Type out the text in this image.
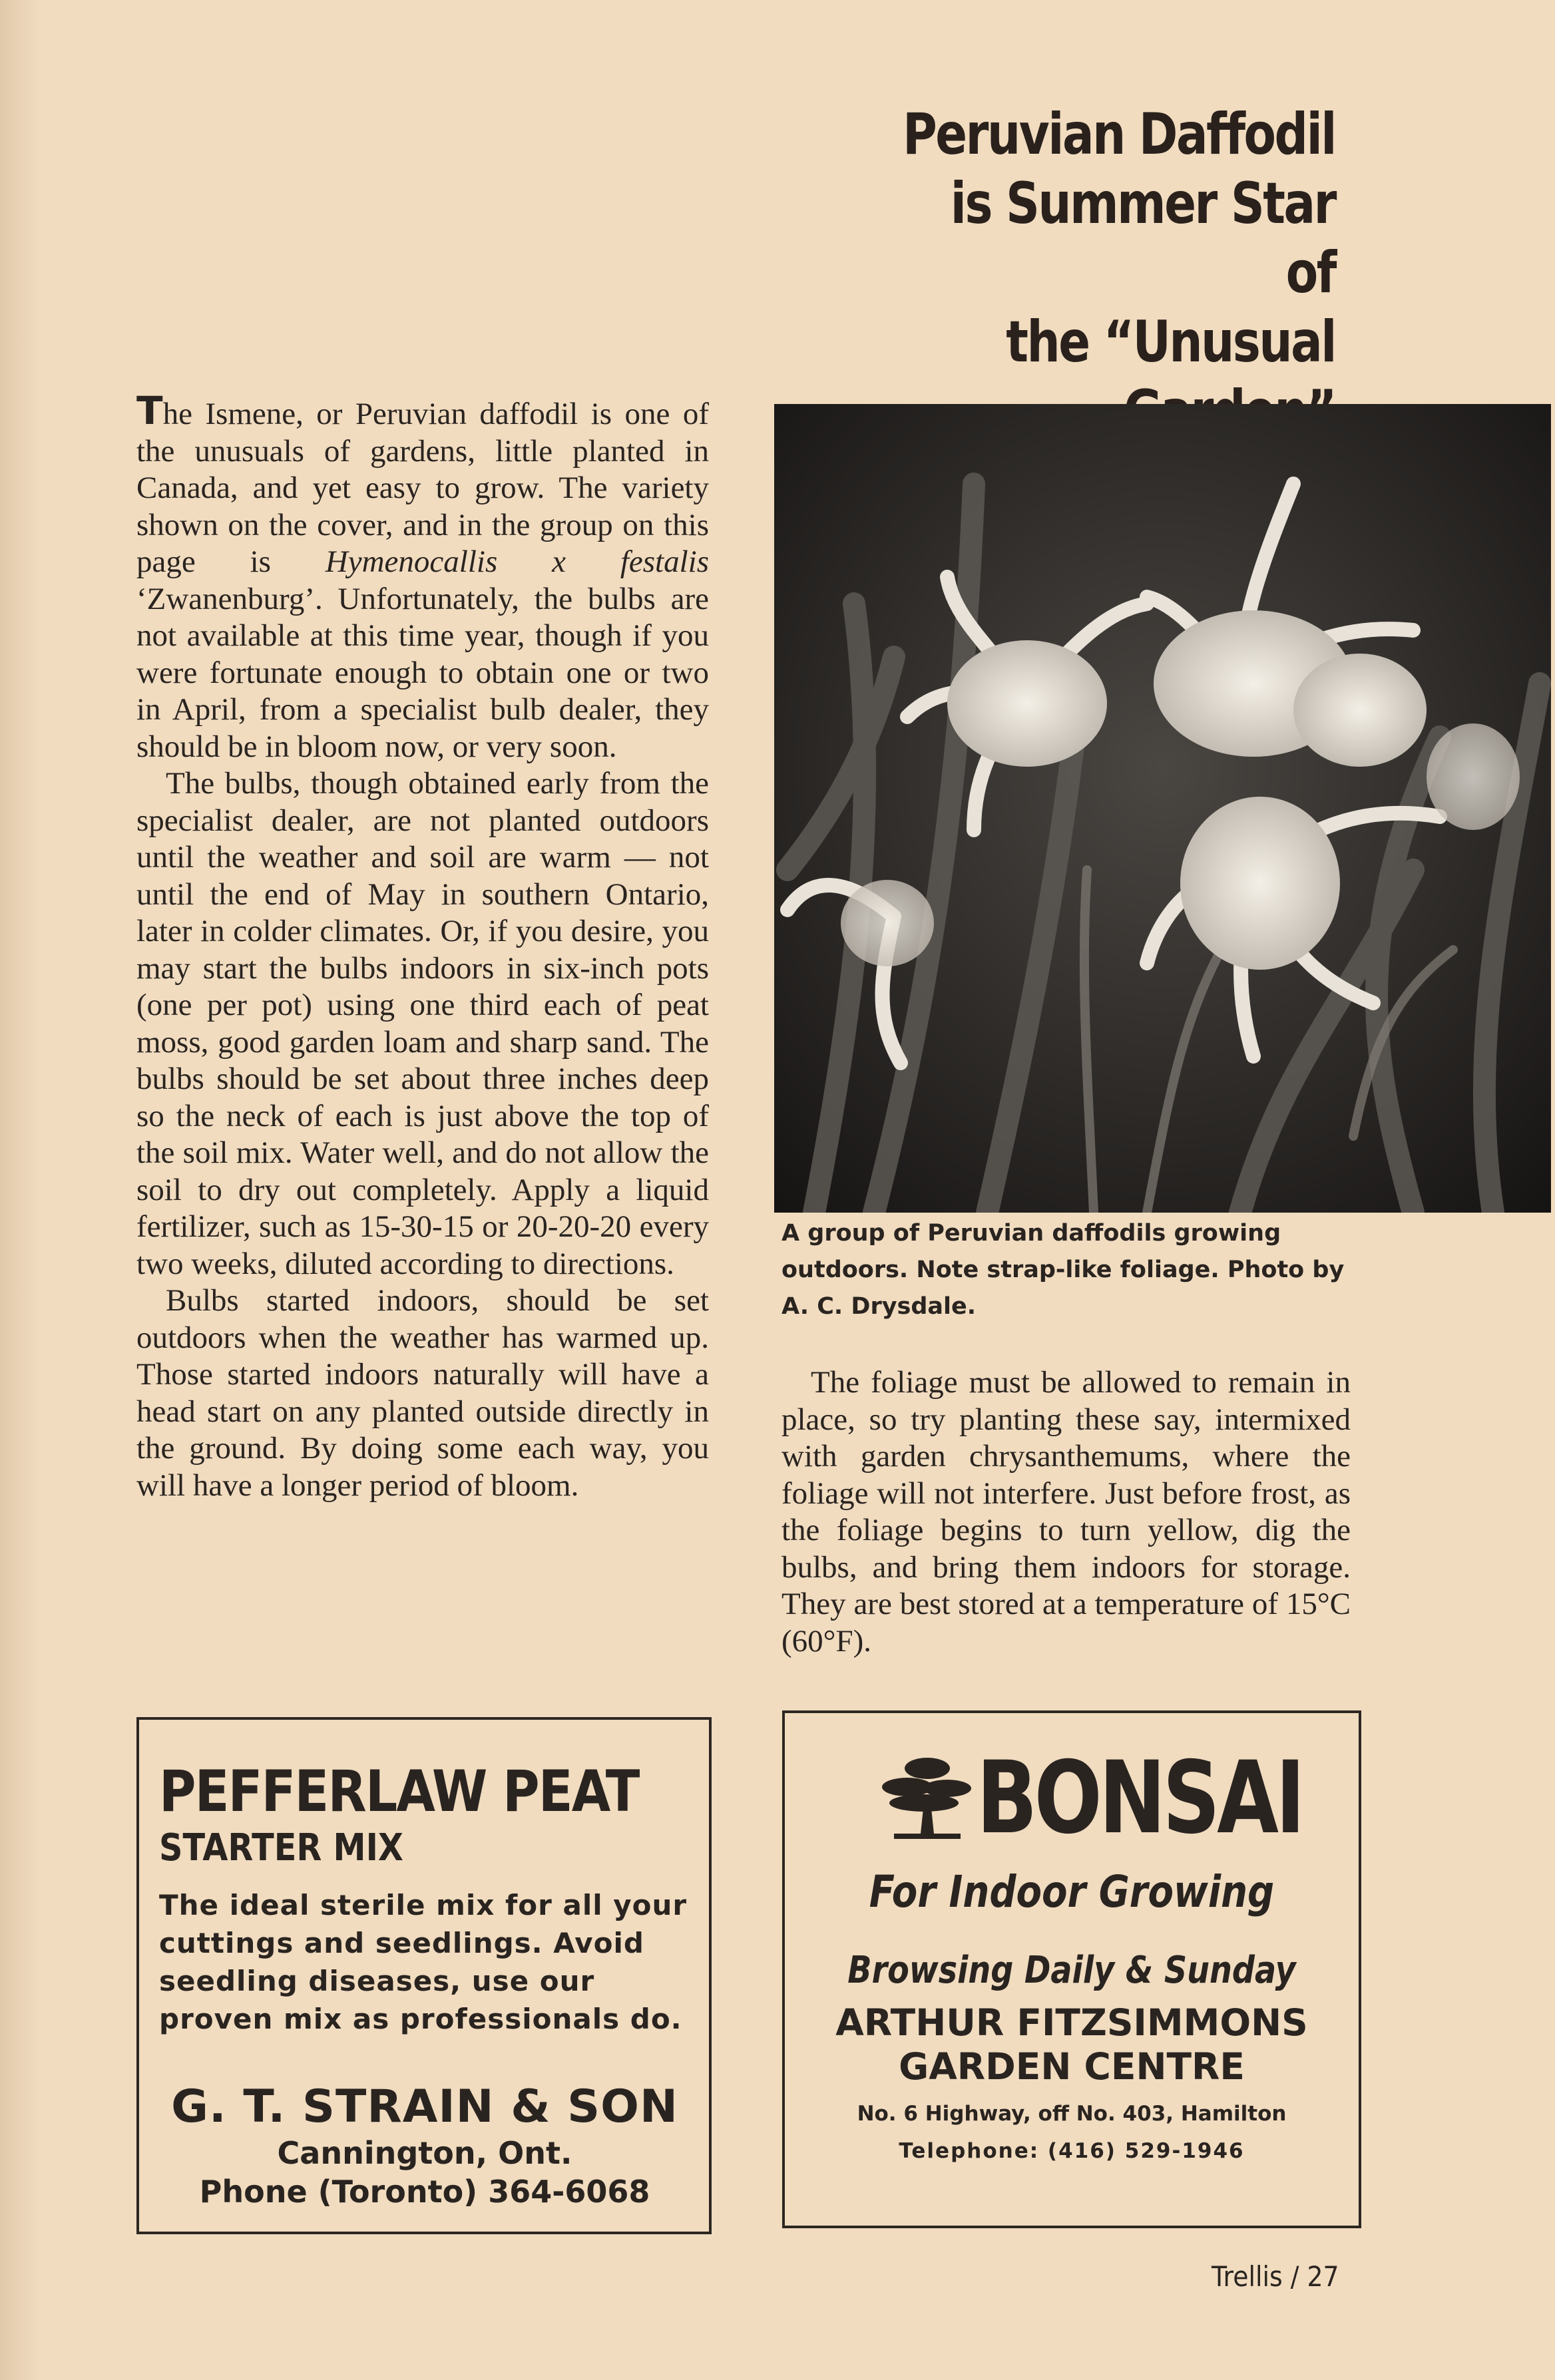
Peruvian Daffodil
is Summer Star
of
the “Unusual

The Ismene, or Peruvian daffodil is one of the unusuals of gardens, little planted in Canada, and yet easy to grow. The variety shown on the cover, and in the group on this page is Hymenocallis x festalis ‘Zwanenburg’. Unfortunately, the bulbs are not available at this time year, though if you were fortunate enough to obtain one or two in April, from a specialist bulb dealer, they should be in bloom now, or very soon.

The bulbs, though obtained early from the specialist dealer, are not planted outdoors until the weather and soil are warm — not until the end of May in southern Ontario, later in colder climates. Or, if you desire, you may start the bulbs indoors in six-inch pots (one per pot) using one third each of peat moss, good garden loam and sharp sand. The bulbs should be set about three inches deep so the neck of each is just above the top of the soil mix. Water well, and do not allow the soil to dry out completely. Apply a liquid fertilizer, such as 15-30-15 or 20-20-20 every two weeks, diluted according to directions.

Bulbs started indoors, should be set outdoors when the weather has warmed up. Those started indoors naturally will have a head start on any planted outside directly in the ground. By doing some each way, you will have a longer period of bloom.

A group of Peruvian daffodils growing outdoors. Note strap-like foliage. Photo by A. C. Drysdale.

The foliage must be allowed to remain in place, so try planting these say, intermixed with garden chrysanthemums, where the foliage will not interfere. Just before frost, as the foliage begins to turn yellow, dig the bulbs, and bring them indoors for storage. They are best stored at a temperature of 15°C (60°F).

PEFFERLAW PEAT
STARTER MIX
The ideal sterile mix for all your cuttings and seedlings. Avoid seedling diseases, use our proven mix as professionals do.
G. T. STRAIN & SON
Cannington, Ont.
Phone (Toronto) 364-6068
BONSAI
For Indoor Growing
Browsing Daily & Sunday
ARTHUR FITZSIMMONS
GARDEN CENTRE
No. 6 Highway, off No. 403, Hamilton
Telephone: (416) 529-1946
Trellis / 27
